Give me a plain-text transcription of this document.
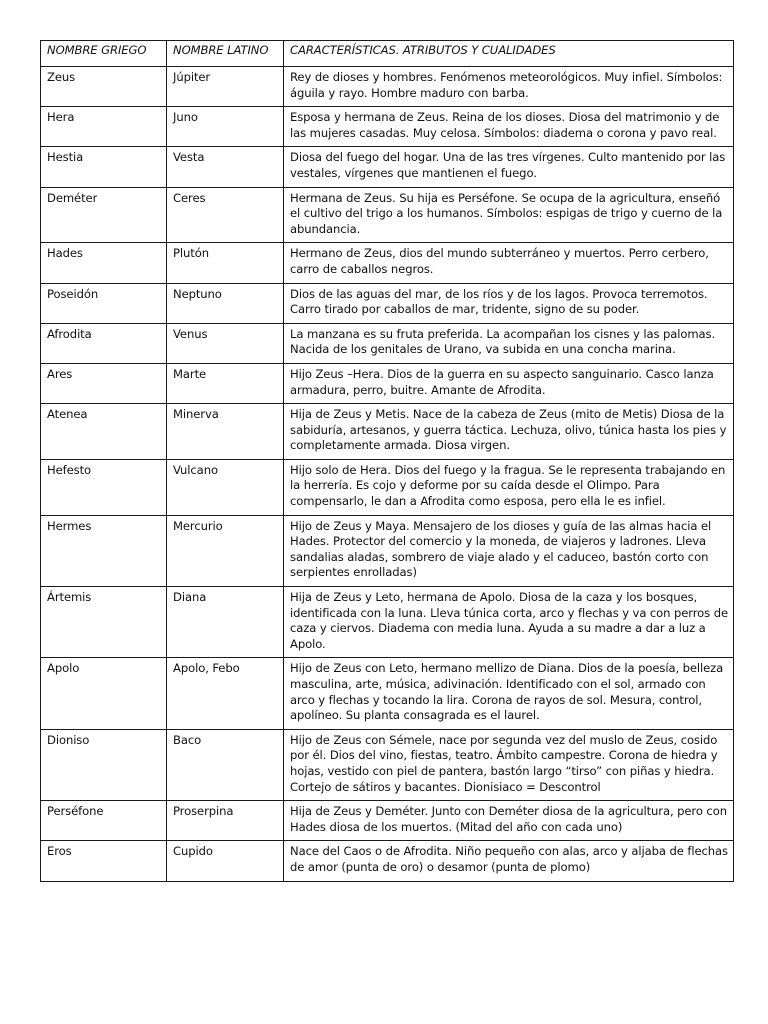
NOMBRE GRIEGO	NOMBRE LATINO	CARACTERÍSTICAS. ATRIBUTOS Y CUALIDADES
Zeus	Júpiter	Rey de dioses y hombres. Fenómenos meteorológicos. Muy infiel. Símbolos: águila y rayo. Hombre maduro con barba.
Hera	Juno	Esposa y hermana de Zeus. Reina de los dioses. Diosa del matrimonio y de las mujeres casadas. Muy celosa. Símbolos: diadema o corona y pavo real.
Hestia	Vesta	Diosa del fuego del hogar. Una de las tres vírgenes. Culto mantenido por las vestales, vírgenes que mantienen el fuego.
Deméter	Ceres	Hermana de Zeus. Su hija es Perséfone. Se ocupa de la agricultura, enseñó el cultivo del trigo a los humanos. Símbolos: espigas de trigo y cuerno de la abundancia.
Hades	Plutón	Hermano de Zeus, dios del mundo subterráneo y muertos. Perro cerbero, carro de caballos negros.
Poseidón	Neptuno	Dios de las aguas del mar, de los ríos y de los lagos. Provoca terremotos. Carro tirado por caballos de mar, tridente, signo de su poder.
Afrodita	Venus	La manzana es su fruta preferida. La acompañan los cisnes y las palomas. Nacida de los genitales de Urano, va subida en una concha marina.
Ares	Marte	Hijo Zeus –Hera. Dios de la guerra en su aspecto sanguinario. Casco lanza armadura, perro, buitre. Amante de Afrodita.
Atenea	Minerva	Hija de Zeus y Metis. Nace de la cabeza de Zeus (mito de Metis) Diosa de la sabiduría, artesanos, y guerra táctica. Lechuza, olivo, túnica hasta los pies y completamente armada. Diosa virgen.
Hefesto	Vulcano	Hijo solo de Hera. Dios del fuego y la fragua. Se le representa trabajando en la herrería. Es cojo y deforme por su caída desde el Olimpo. Para compensarlo, le dan a Afrodita como esposa, pero ella le es infiel.
Hermes	Mercurio	Hijo de Zeus y Maya. Mensajero de los dioses y guía de las almas hacia el Hades. Protector del comercio y la moneda, de viajeros y ladrones. Lleva sandalias aladas, sombrero de viaje alado y el caduceo, bastón corto con serpientes enrolladas)
Ártemis	Diana	Hija de Zeus y Leto, hermana de Apolo. Diosa de la caza y los bosques, identificada con la luna. Lleva túnica corta, arco y flechas y va con perros de caza y ciervos. Diadema con media luna. Ayuda a su madre a dar a luz a Apolo.
Apolo	Apolo, Febo	Hijo de Zeus con Leto, hermano mellizo de Diana. Dios de la poesía, belleza masculina, arte, música, adivinación. Identificado con el sol, armado con arco y flechas y tocando la lira. Corona de rayos de sol. Mesura, control, apolíneo. Su planta consagrada es el laurel.
Dioniso	Baco	Hijo de Zeus con Sémele, nace por segunda vez del muslo de Zeus, cosido por él. Dios del vino, fiestas, teatro. Ámbito campestre. Corona de hiedra y hojas, vestido con piel de pantera, bastón largo “tirso” con piñas y hiedra. Cortejo de sátiros y bacantes. Dionisiaco = Descontrol
Perséfone	Proserpina	Hija de Zeus y Deméter. Junto con Deméter diosa de la agricultura, pero con Hades diosa de los muertos. (Mitad del año con cada uno)
Eros	Cupido	Nace del Caos o de Afrodita. Niño pequeño con alas, arco y aljaba de flechas de amor (punta de oro) o desamor (punta de plomo)
